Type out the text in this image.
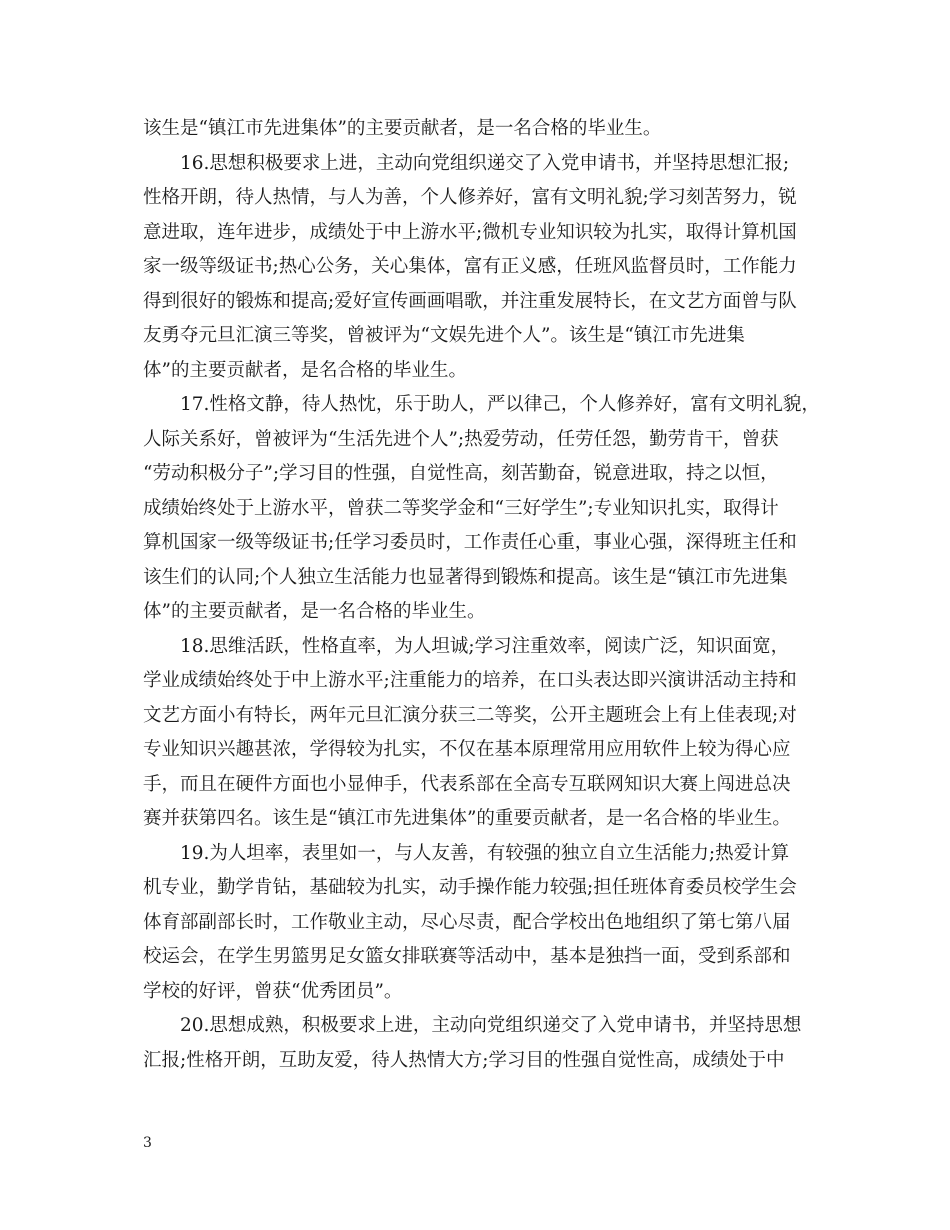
该生是“镇江市先进集体”的主要贡献者，是一名合格的毕业生。

16.思想积极要求上进，主动向党组织递交了入党申请书，并坚持思想汇报;
性格开朗，待人热情，与人为善，个人修养好，富有文明礼貌;学习刻苦努力，锐
意进取，连年进步，成绩处于中上游水平;微机专业知识较为扎实，取得计算机国
家一级等级证书;热心公务，关心集体，富有正义感，任班风监督员时，工作能力
得到很好的锻炼和提高;爱好宣传画画唱歌，并注重发展特长，在文艺方面曾与队
友勇夺元旦汇演三等奖，曾被评为“文娱先进个人”。该生是“镇江市先进集
体”的主要贡献者，是名合格的毕业生。

17.性格文静，待人热忱，乐于助人，严以律己，个人修养好，富有文明礼貌，
人际关系好，曾被评为“生活先进个人”;热爱劳动，任劳任怨，勤劳肯干，曾获
“劳动积极分子”;学习目的性强，自觉性高，刻苦勤奋，锐意进取，持之以恒，
成绩始终处于上游水平，曾获二等奖学金和“三好学生”;专业知识扎实，取得计
算机国家一级等级证书;任学习委员时，工作责任心重，事业心强，深得班主任和
该生们的认同;个人独立生活能力也显著得到锻炼和提高。该生是“镇江市先进集
体”的主要贡献者，是一名合格的毕业生。

18.思维活跃，性格直率，为人坦诚;学习注重效率，阅读广泛，知识面宽，
学业成绩始终处于中上游水平;注重能力的培养，在口头表达即兴演讲活动主持和
文艺方面小有特长，两年元旦汇演分获三二等奖，公开主题班会上有上佳表现;对
专业知识兴趣甚浓，学得较为扎实，不仅在基本原理常用应用软件上较为得心应
手，而且在硬件方面也小显伸手，代表系部在全高专互联网知识大赛上闯进总决
赛并获第四名。该生是“镇江市先进集体”的重要贡献者，是一名合格的毕业生。

19.为人坦率，表里如一，与人友善，有较强的独立自立生活能力;热爱计算
机专业，勤学肯钻，基础较为扎实，动手操作能力较强;担任班体育委员校学生会
体育部副部长时，工作敬业主动，尽心尽责，配合学校出色地组织了第七第八届
校运会，在学生男篮男足女篮女排联赛等活动中，基本是独挡一面，受到系部和
学校的好评，曾获“优秀团员”。

20.思想成熟，积极要求上进，主动向党组织递交了入党申请书，并坚持思想
汇报;性格开朗，互助友爱，待人热情大方;学习目的性强自觉性高，成绩处于中

3
